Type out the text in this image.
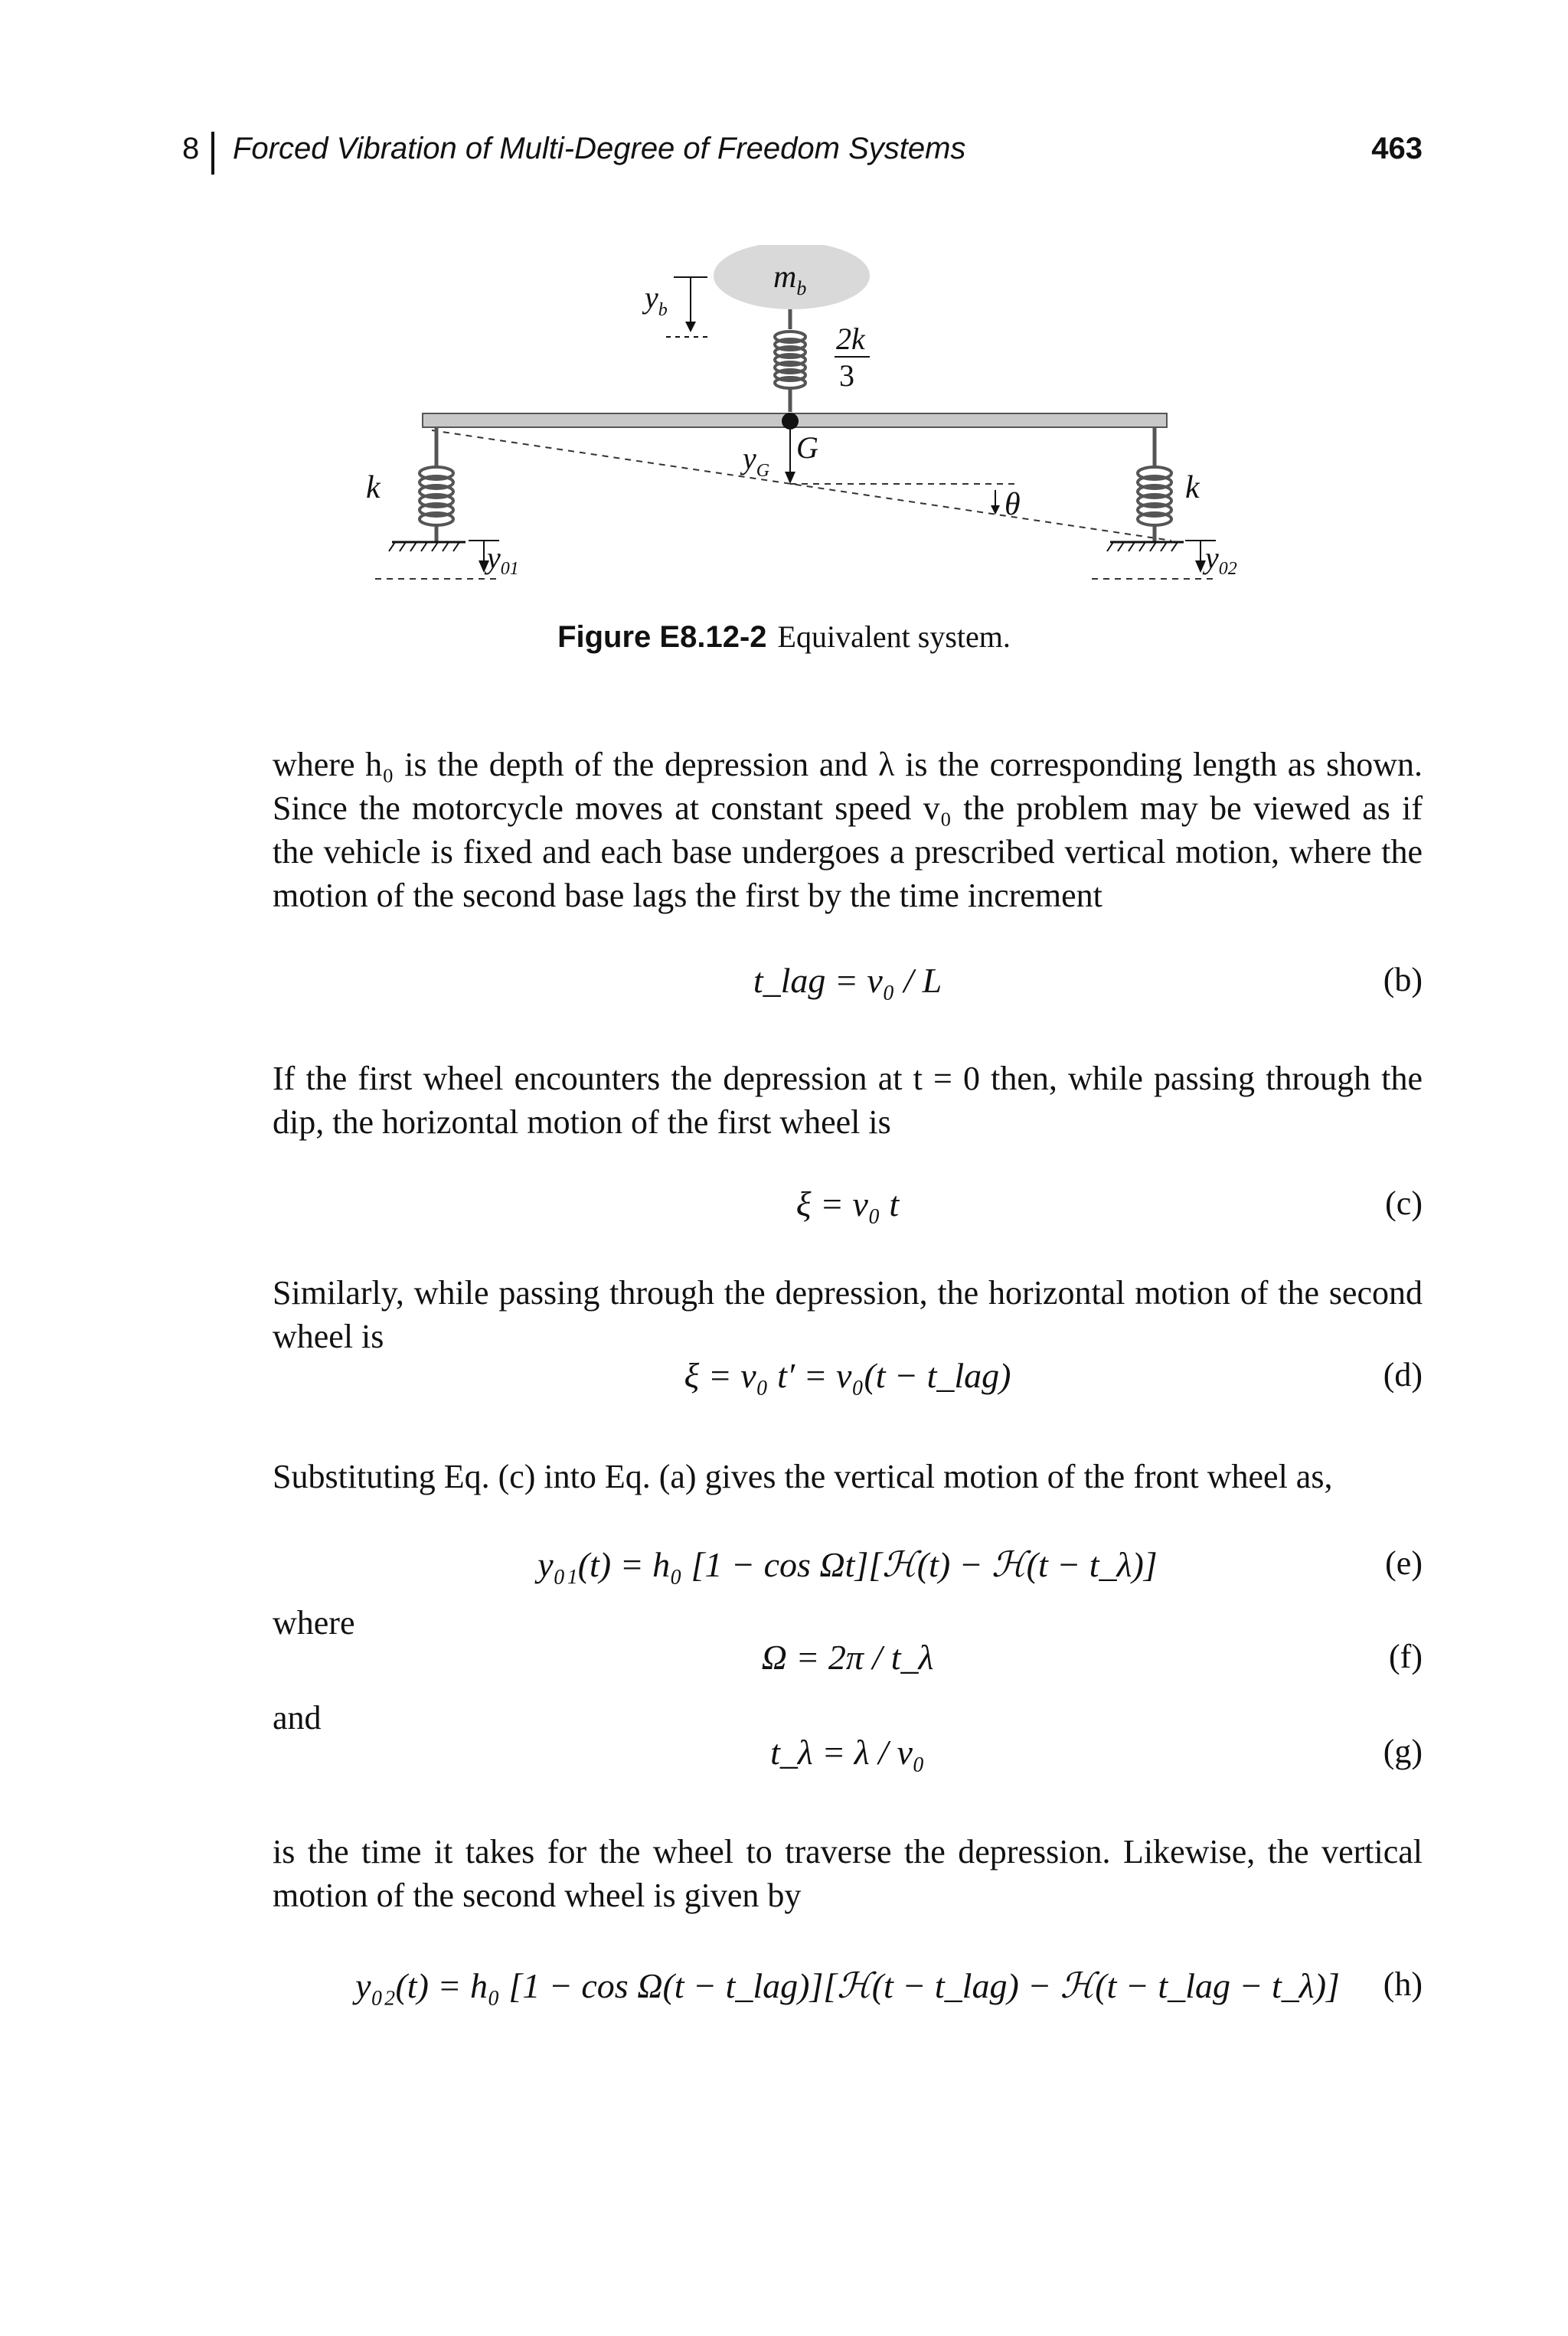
8 Forced Vibration of Multi-Degree of Freedom Systems	463
$m_b$
$y_b$
2k
3
$y_G$
G
θ
k
$y_{01}$
k
$y_{02}$
Figure E8.12-2 Equivalent system.
where h₀ is the depth of the depression and λ is the corresponding length as shown. Since the motorcycle moves at constant speed v₀ the problem may be viewed as if the vehicle is fixed and each base undergoes a prescribed vertical motion, where the motion of the second base lags the first by the time increment
t_lag = v₀ / L	(b)
If the first wheel encounters the depression at t = 0 then, while passing through the dip, the horizontal motion of the first wheel is
ξ = v₀ t	(c)
Similarly, while passing through the depression, the horizontal motion of the second wheel is
ξ = v₀ t′ = v₀(t − t_lag)	(d)
Substituting Eq. (c) into Eq. (a) gives the vertical motion of the front wheel as,
y₀₁(t) = h₀ [1 − cos Ωt][ℋ(t) − ℋ(t − t_λ)]	(e)
where
Ω = 2π / t_λ	(f)
and
t_λ = λ / v₀	(g)
is the time it takes for the wheel to traverse the depression. Likewise, the vertical motion of the second wheel is given by
y₀₂(t) = h₀ [1 − cos Ω(t − t_lag)][ℋ(t − t_lag) − ℋ(t − t_lag − t_λ)]	(h)
